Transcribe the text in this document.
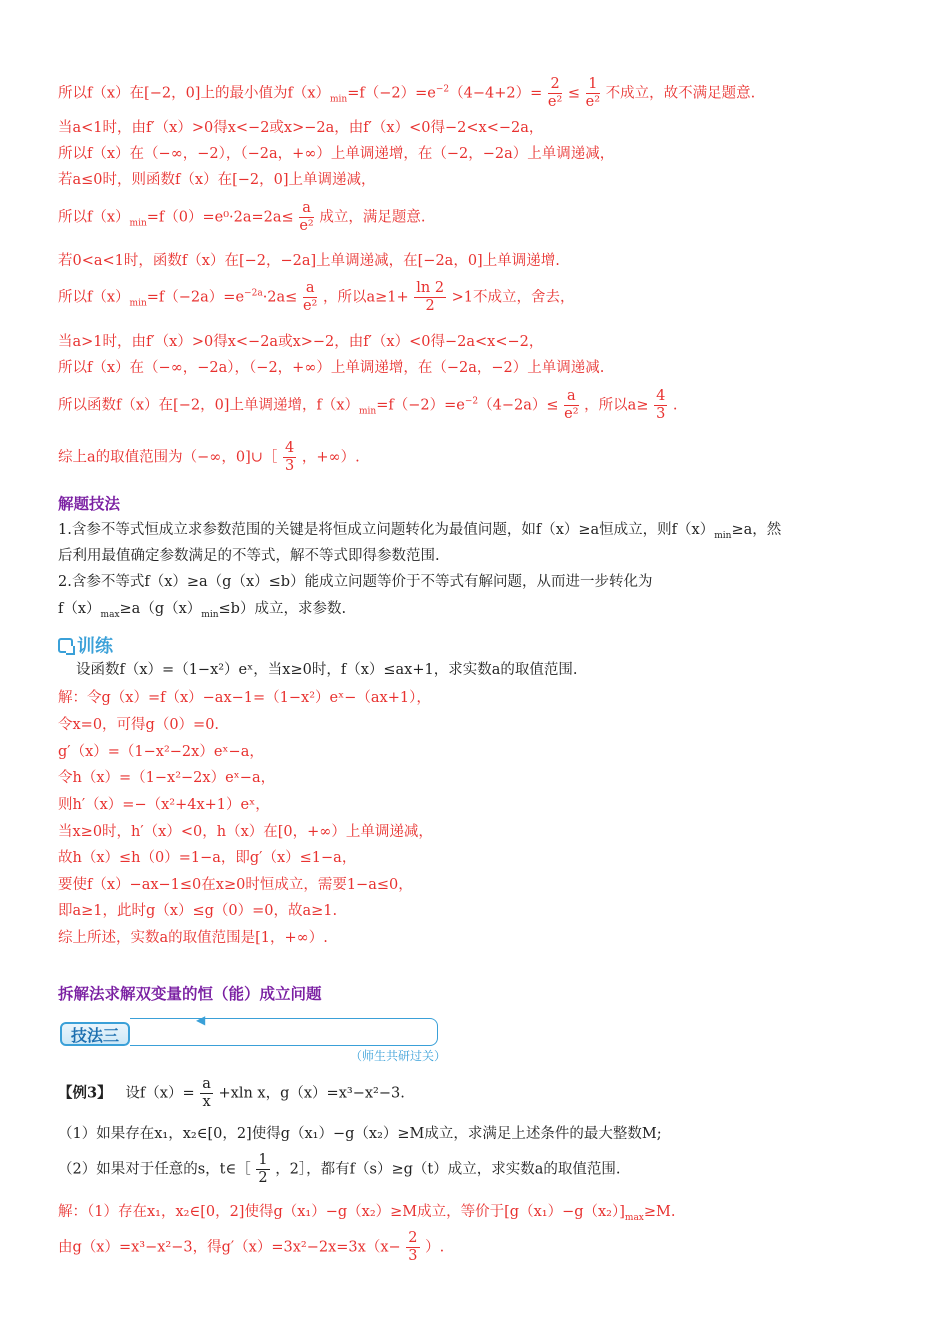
所以f（x）在[−2，0]上的最小值为$f(x)_{min}=f(-2)=e^{-2}(4-4+2)= \frac{2}{\text{e²}} \le \frac{1}{\text{e²}}$ 不成立，故不满足题意.
当a<1时，由f′（x）>0得x<−2或x>−2a，由f′（x）<0得−2<x<−2a，
所以f（x）在（−∞，−2），（−2a，+∞）上单调递增，在（−2，−2a）上单调递减，
若a≤0时，则函数f（x）在[−2，0]上单调递减，
所以$f(x)_{min}=f(0)=e^0\cdot 2a=2a\le \frac{a}{\text{e²}}$ 成立，满足题意.
若0<a<1时，函数f（x）在[−2，−2a]上单调递减，在[−2a，0]上单调递增.
所以$f(x)_{min}=f(-2a)=e^{-2a}\cdot 2a\le \frac{a}{\text{e²}}$ ，所以$a\ge 1+ \frac{\ln 2}{2} >1$不成立，舍去，
当a>1时，由f′（x）>0得x<−2a或x>−2，由f′（x）<0得−2a<x<−2，
所以f（x）在（−∞，−2a），（−2，+∞）上单调递增，在（−2a，−2）上单调递减.
所以函数f（x）在[−2，0]上单调递增，$f(x)_{min}=f(-2)=e^{-2}(4-2a)\le \frac{a}{\text{e²}}$ ，所以$a\ge \frac{4}{3}$ .
综上a的取值范围为（−∞，0]∪［ $\frac{4}{3}$ ，+∞）.
解题技法
1.含参不等式恒成立求参数范围的关键是将恒成立问题转化为最值问题，如f（x）≥a恒成立，则$f(x)_{min}\ge a$，然
后利用最值确定参数满足的不等式，解不等式即得参数范围.
2.含参不等式f（x）≥a（g（x）≤b）能成立问题等价于不等式有解问题，从而进一步转化为
$f(x)_{max}\ge a(g(x)_{min}\le b)$成立，求参数.
训练
设函数f（x）=（1−x²）eˣ，当x≥0时，f（x）≤ax+1，求实数a的取值范围.
解：令g（x）=f（x）−ax−1=（1−x²）eˣ−（ax+1），
令x=0，可得g（0）=0.
g′（x）=（1−x²−2x）eˣ−a，
令h（x）=（1−x²−2x）eˣ−a，
则h′（x）=−（x²+4x+1）eˣ，
当x≥0时，h′（x）<0，h（x）在[0，+∞）上单调递减，
故h（x）≤h（0）=1−a，即g′（x）≤1−a，
要使f（x）−ax−1≤0在x≥0时恒成立，需要1−a≤0，
即a≥1，此时g（x）≤g（0）=0，故a≥1.
综上所述，实数a的取值范围是[1，+∞）.
拆解法求解双变量的恒（能）成立问题
◀
技法三
（师生共研过关）
【例3】 设$f(x)= \frac{a}{x} +xln$ x，g（x）=x³−x²−3.
（1）如果存在x₁，x₂∈[0，2]使得g（x₁）−g（x₂）≥M成立，求满足上述条件的最大整数M;
（2）如果对于任意的s，t∈［ $\frac{1}{2}$ ，2］，都有f（s）≥g（t）成立，求实数a的取值范围.
解：（1）存在x₁，x₂∈[0，2]使得g（x₁）−g（x₂）≥M成立，等价于$[g(x_1)-g(x_2)]_{max}\ge M$.
由g（x）=x³−x²−3，得$g'(x)=3x^2-2x=3x(x- \frac{2}{3}$ ）.
